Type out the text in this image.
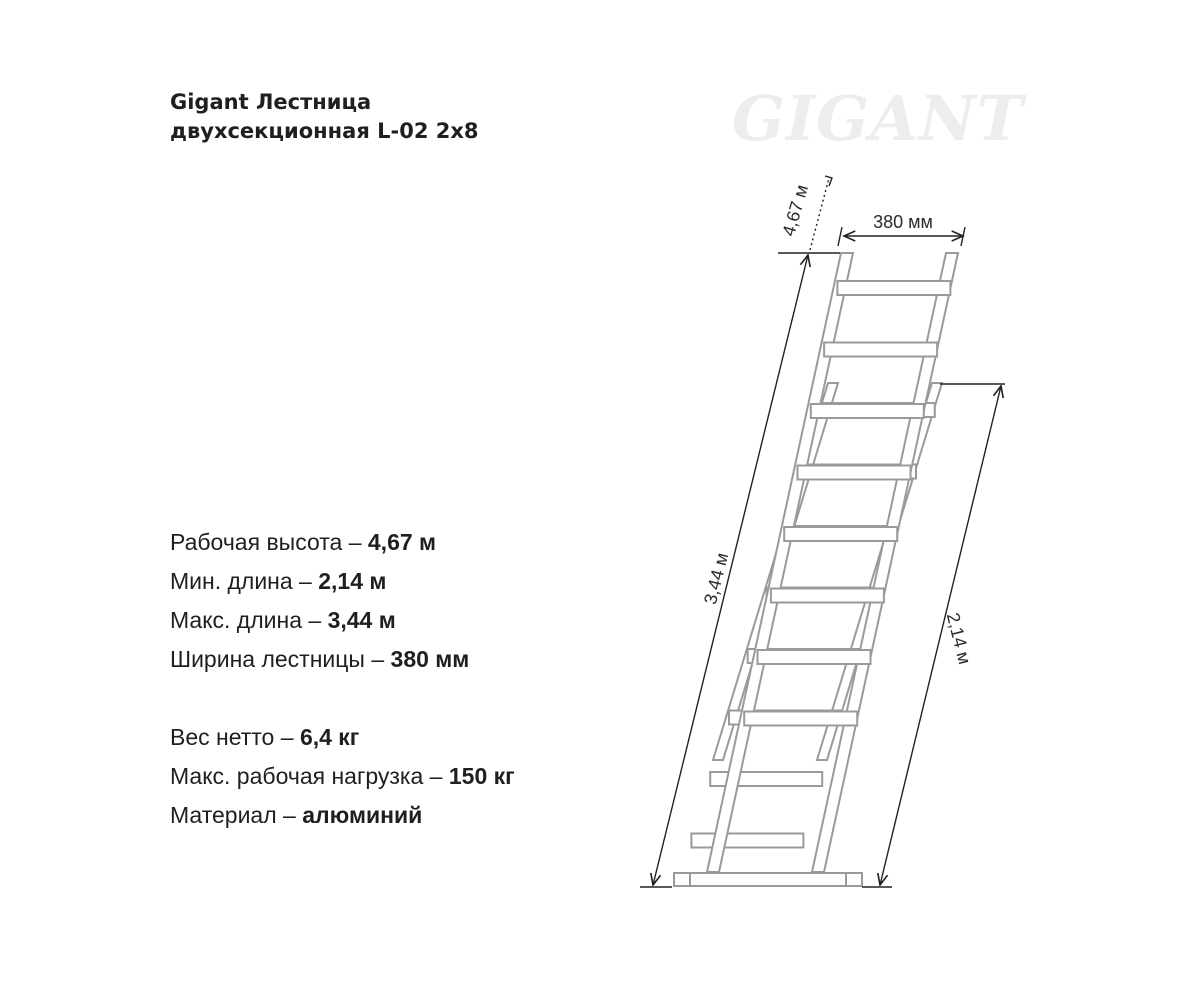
Gigant Лестница
двухсекционная L-02 2x8	GIGANT
Рабочая высота – 4,67 м
Мин. длина – 2,14 м
Макс. длина – 3,44 м
Ширина лестницы – 380 мм
Вес нетто – 6,4 кг
Макс. рабочая нагрузка – 150 кг
Материал – алюминий
380 мм
4,67 м
3,44 м
2,14 м
